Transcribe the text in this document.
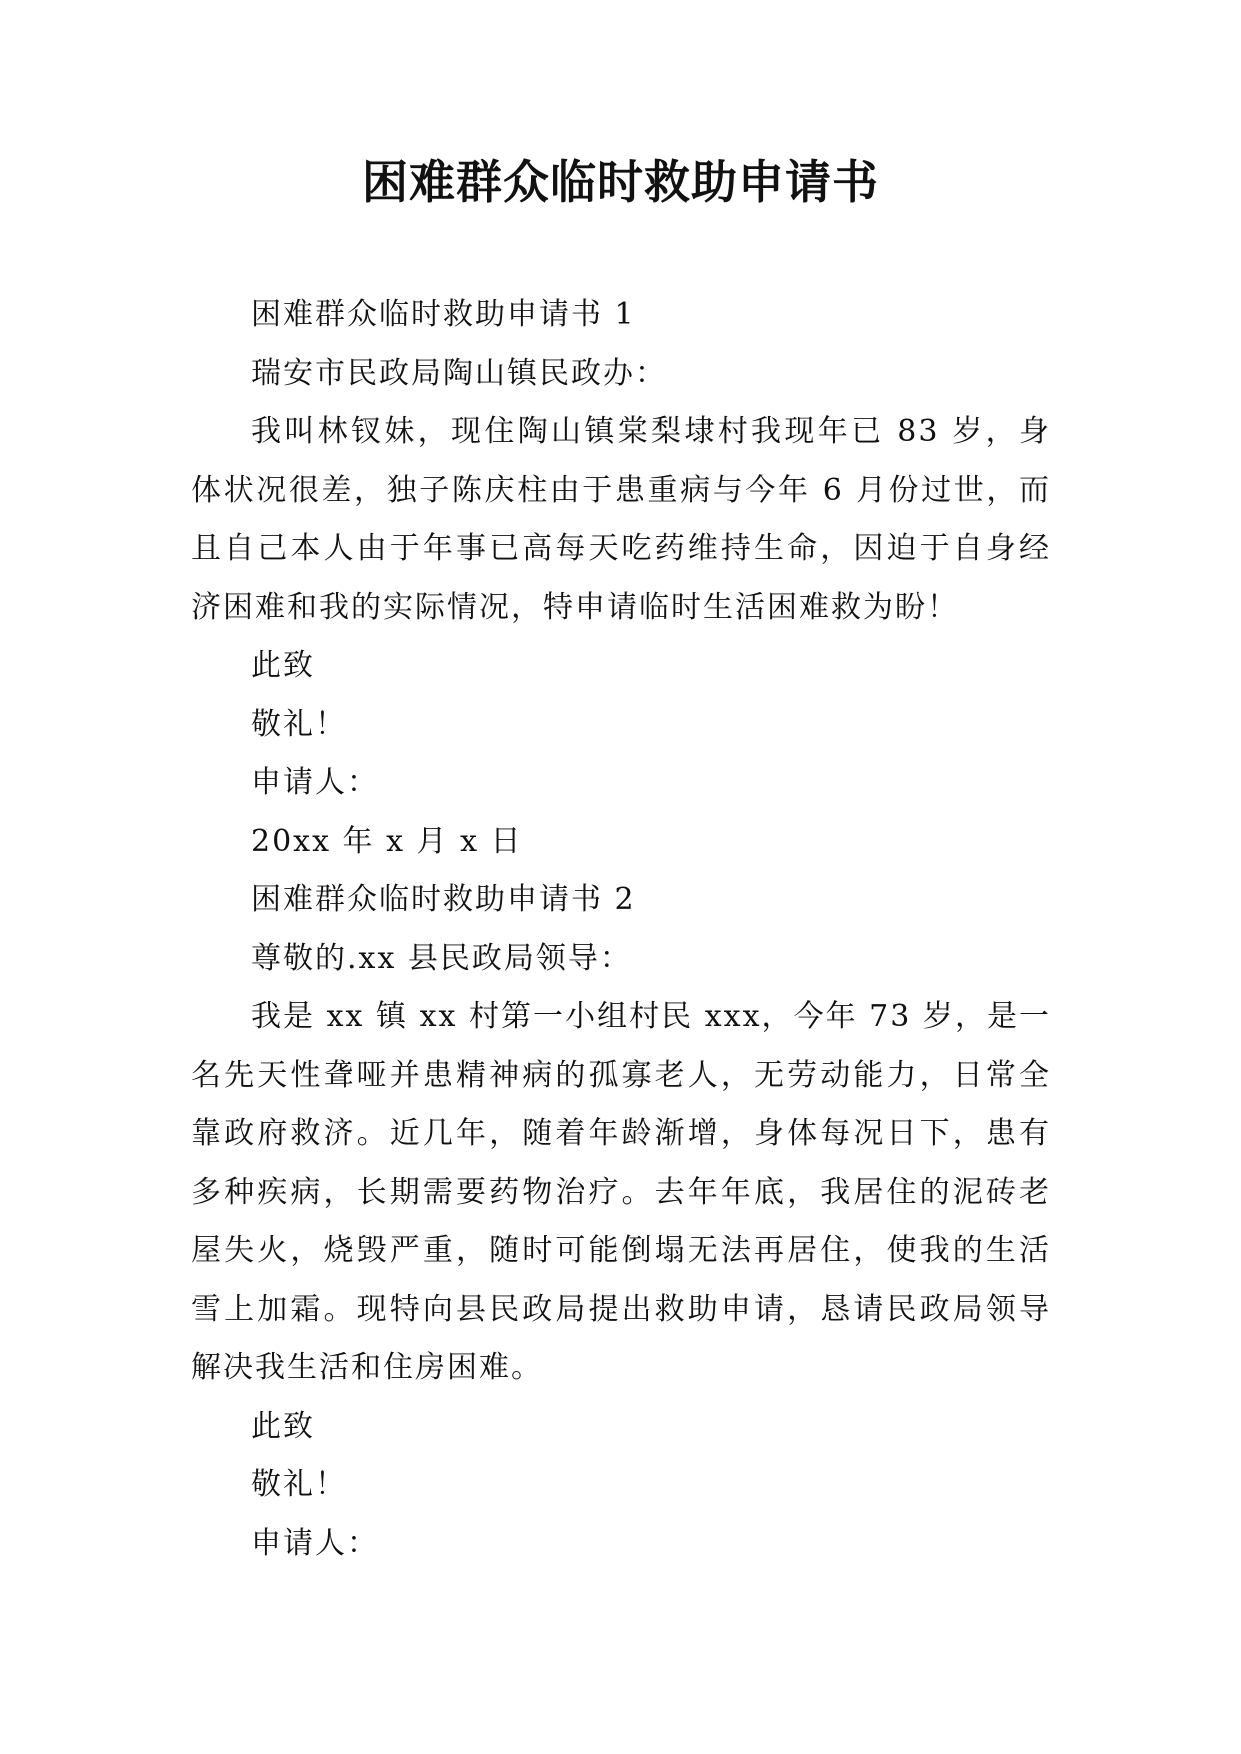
困难群众临时救助申请书

困难群众临时救助申请书 1

瑞安市民政局陶山镇民政办：

我叫林钗妹，现住陶山镇棠梨埭村我现年已 83 岁，身体状况很差，独子陈庆柱由于患重病与今年 6 月份过世，而且自己本人由于年事已高每天吃药维持生命，因迫于自身经济困难和我的实际情况，特申请临时生活困难救为盼！

此致

敬礼！

申请人：

20xx 年 x 月 x 日

困难群众临时救助申请书 2

尊敬的.xx 县民政局领导：

我是 xx 镇 xx 村第一小组村民 xxx，今年 73 岁，是一名先天性聋哑并患精神病的孤寡老人，无劳动能力，日常全靠政府救济。近几年，随着年龄渐增，身体每况日下，患有多种疾病，长期需要药物治疗。去年年底，我居住的泥砖老屋失火，烧毁严重，随时可能倒塌无法再居住，使我的生活雪上加霜。现特向县民政局提出救助申请，恳请民政局领导解决我生活和住房困难。

此致

敬礼！

申请人：
